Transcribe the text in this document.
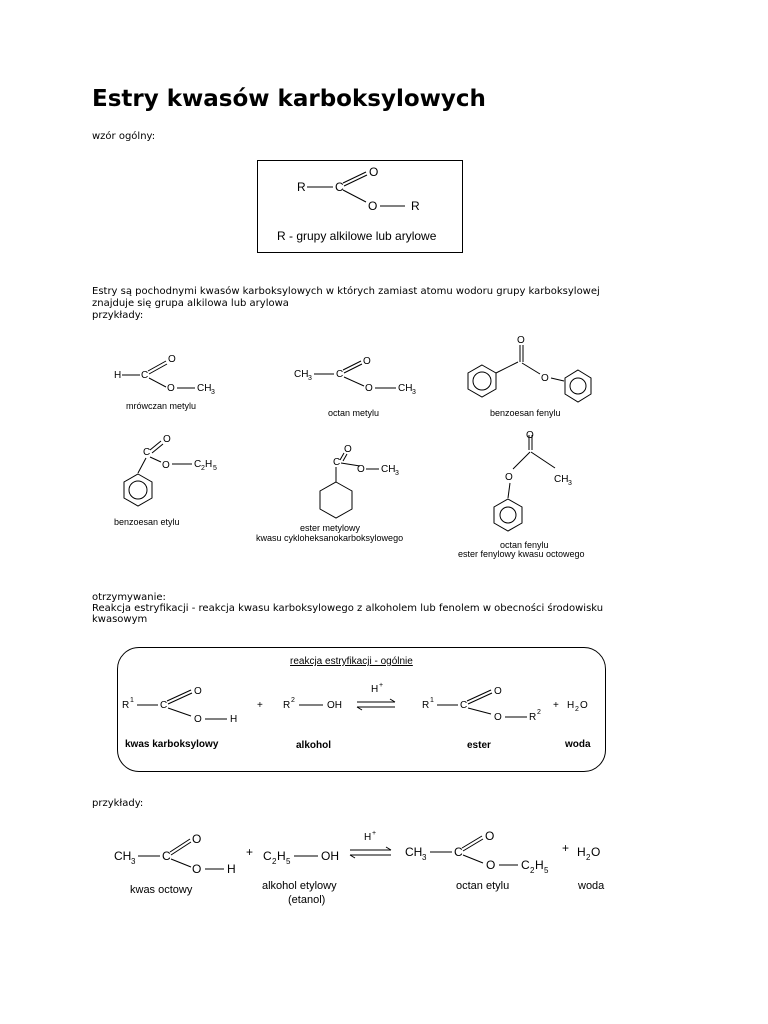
Estry kwasów karboksylowych
wzór ogólny:
R - grupy alkilowe lub arylowe
Estry są pochodnymi kwasów karboksylowych w których zamiast atomu wodoru grupy karboksylowej
znajduje się grupa alkilowa lub arylowa
przykłady:
mrówczan metylu
octan metylu	benzoesan fenylu
benzoesan etylu
ester metylowy
kwasu cykloheksanokarboksylowego
octan fenylu
ester fenylowy kwasu octowego
otrzymywanie:
Reakcja estryfikacji - reakcja kwasu karboksylowego z alkoholem lub fenolem w obecności środowisku
kwasowym
reakcja estryfikacji - ogólnie
kwas karboksylowy	alkohol	ester	woda
przykłady:
kwas octowy	alkohol etylowy
(etanol)
octan etylu	woda
R C
O
O	R
H C
O
O CH 3
CH 3 C
O
O	CH 3
O
O
C
O
O C 2 H 5
C
O
O CH 3
O
CH 3
O
R 1	C
O
O	H
+ R 2	OH
H +
R 1	C
O
O	R 2
+ H 2 O
CH 3 C
O
O H
+ C 2 H 5	OH
H +
CH 3 C
O
O C 2 H 5
+ H 2 O
